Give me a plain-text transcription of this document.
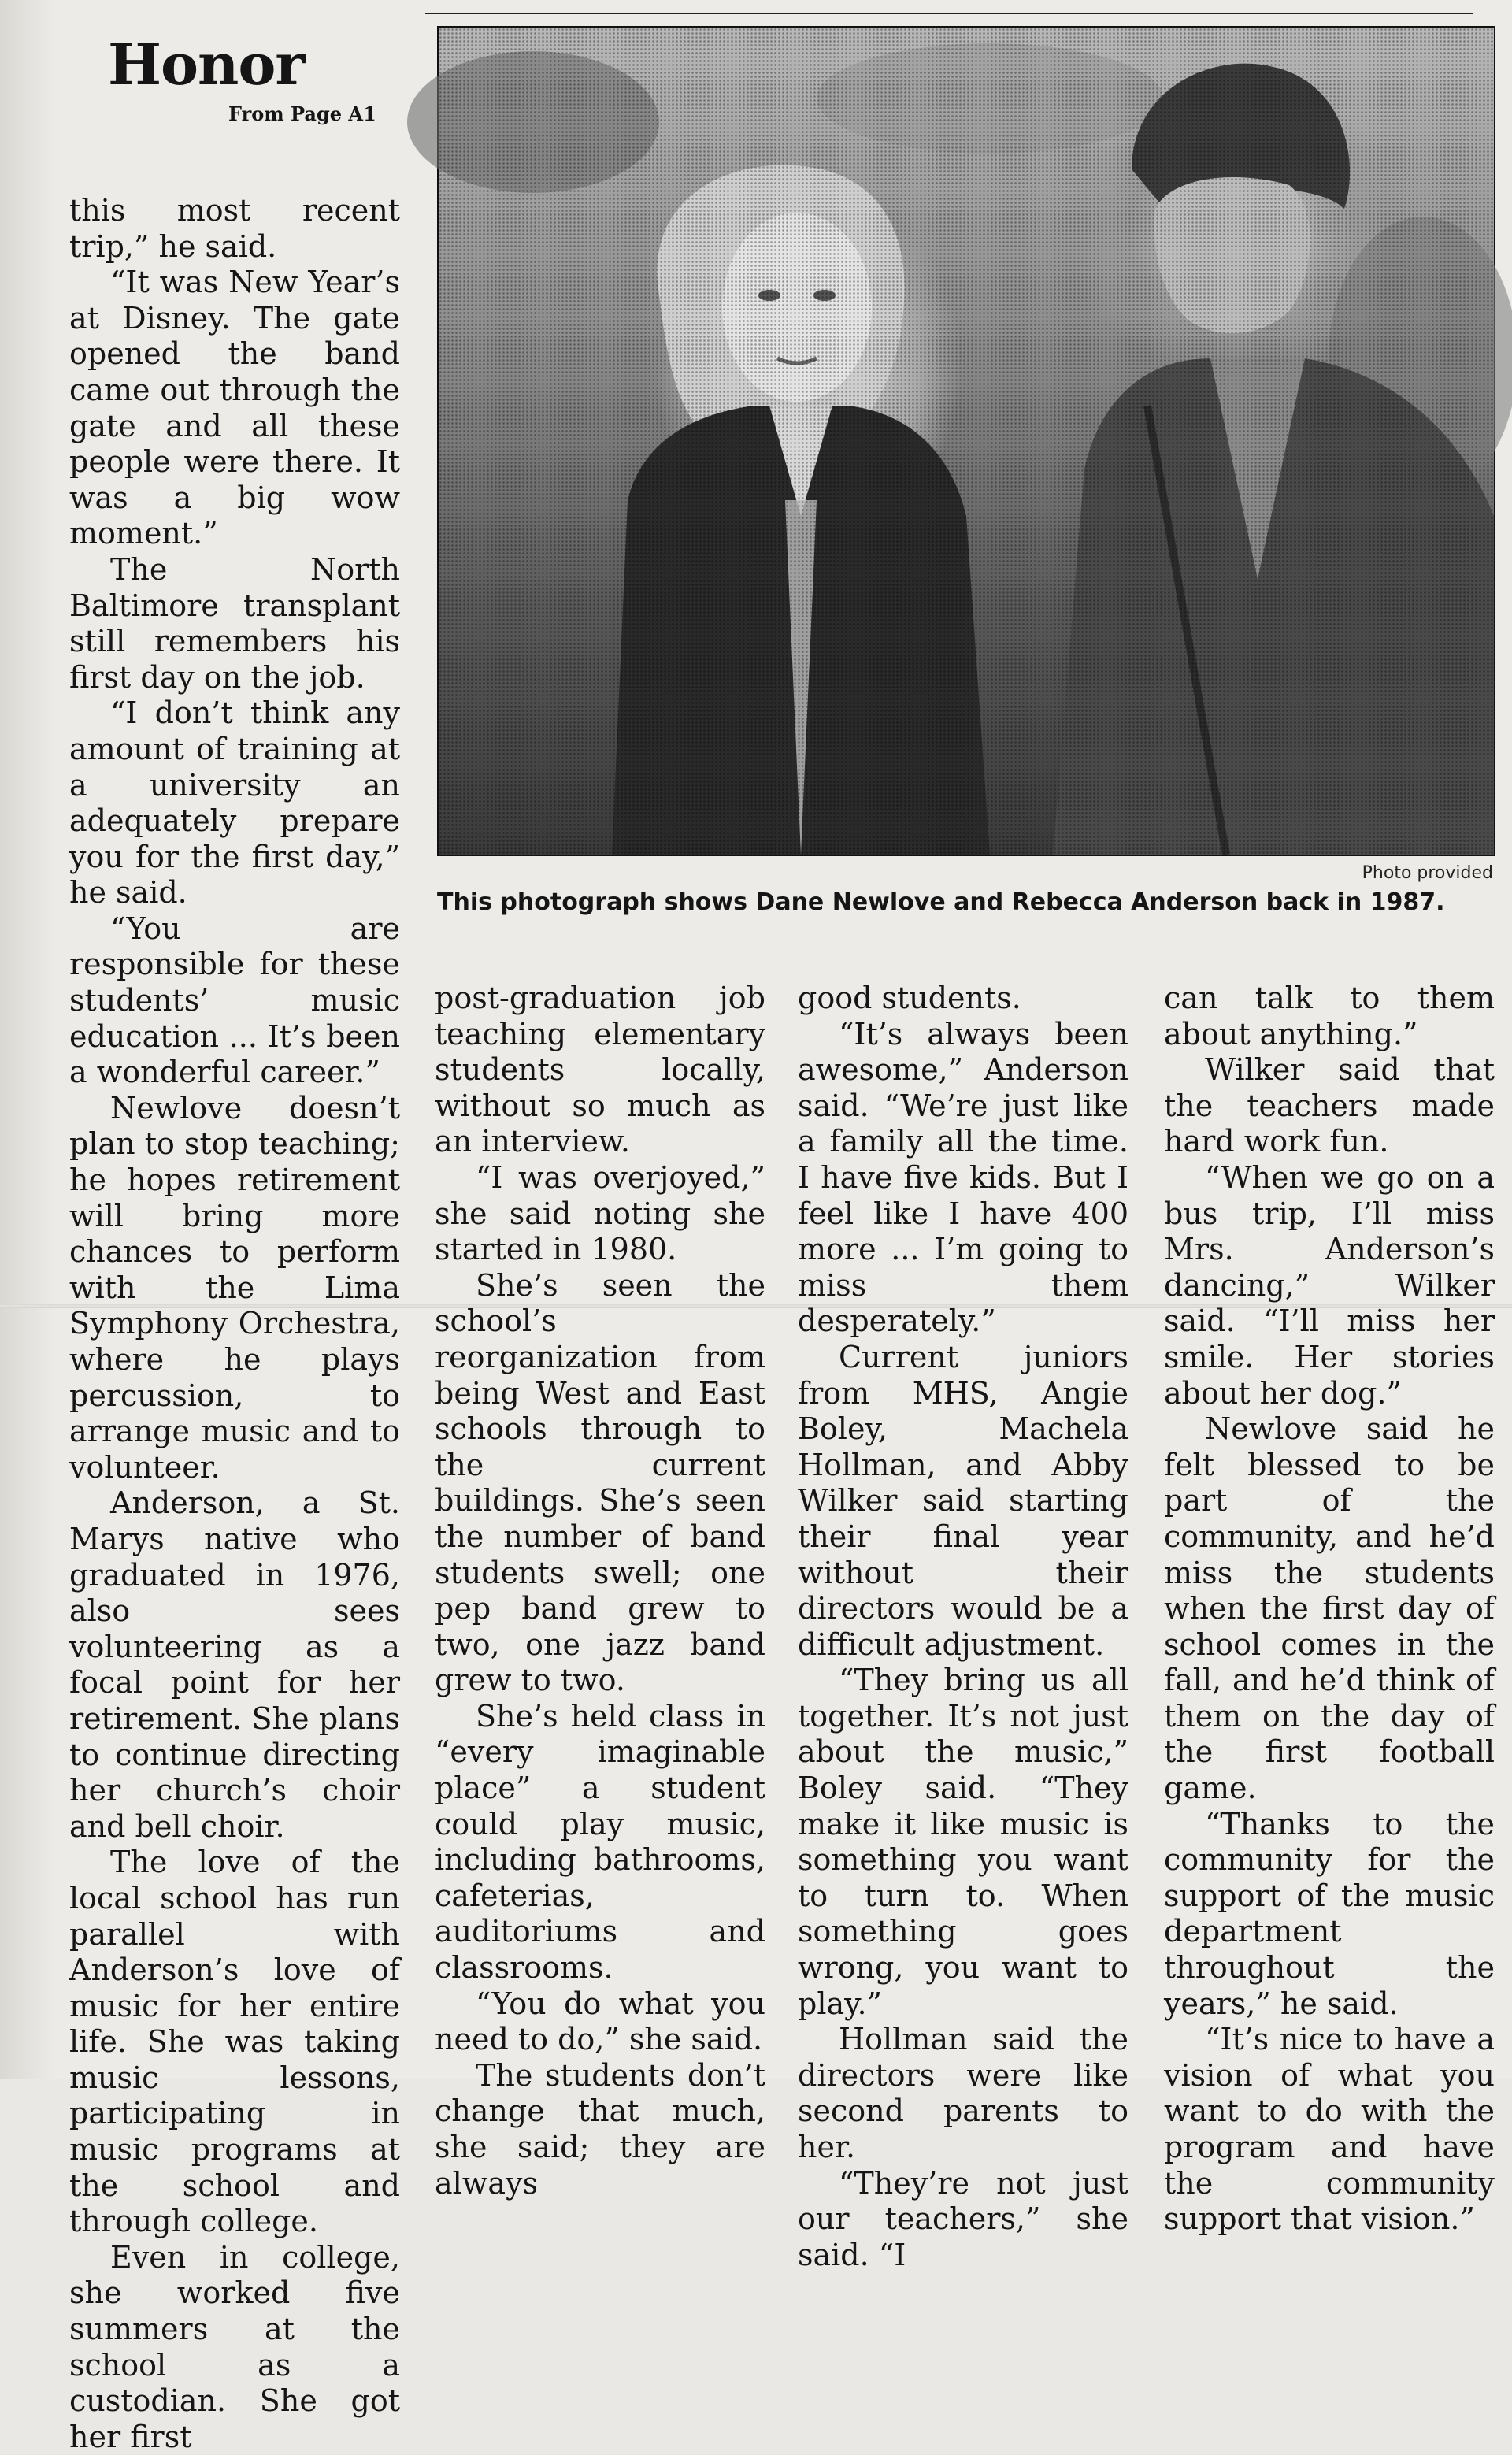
Honor
From Page A1
Photo provided
This photograph shows Dane Newlove and Rebecca Anderson back in 1987.

this most recent trip,” he said.

“It was New Year’s at Disney. The gate opened the band came out through the gate and all these people were there. It was a big wow moment.”

The North Baltimore transplant still remembers his first day on the job.

“I don’t think any amount of training at a university an adequately prepare you for the first day,” he said.

“You are responsible for these students’ music education ... It’s been a wonderful career.”

Newlove doesn’t plan to stop teaching; he hopes retirement will bring more chances to perform with the Lima Symphony Orchestra, where he plays percussion, to arrange music and to volunteer.

Anderson, a St. Marys native who graduated in 1976, also sees volunteering as a focal point for her retirement. She plans to continue directing her church’s choir and bell choir.

The love of the local school has run parallel with Anderson’s love of music for her entire life. She was taking music lessons, participating in music programs at the school and through college.

Even in college, she worked five summers at the school as a custodian. She got her first

post-graduation job teaching elementary students locally, without so much as an interview.

“I was overjoyed,” she said noting she started in 1980.

She’s seen the school’s reorganization from being West and East schools through to the current buildings. She’s seen the number of band students swell; one pep band grew to two, one jazz band grew to two.

She’s held class in “every imaginable place” a student could play music, including bathrooms, cafeterias, auditoriums and classrooms.

“You do what you need to do,” she said.

The students don’t change that much, she said; they are always

good students.

“It’s always been awesome,” Anderson said. “We’re just like a family all the time. I have five kids. But I feel like I have 400 more ... I’m going to miss them desperately.”

Current juniors from MHS, Angie Boley, Machela Hollman, and Abby Wilker said starting their final year without their directors would be a difficult adjustment.

“They bring us all together. It’s not just about the music,” Boley said. “They make it like music is something you want to turn to. When something goes wrong, you want to play.”

Hollman said the directors were like second parents to her.

“They’re not just our teachers,” she said. “I

can talk to them about anything.”

Wilker said that the teachers made hard work fun.

“When we go on a bus trip, I’ll miss Mrs. Anderson’s dancing,” Wilker said. “I’ll miss her smile. Her stories about her dog.”

Newlove said he felt blessed to be part of the community, and he’d miss the students when the first day of school comes in the fall, and he’d think of them on the day of the first football game.

“Thanks to the community for the support of the music department throughout the years,” he said.

“It’s nice to have a vision of what you want to do with the program and have the community support that vision.”
